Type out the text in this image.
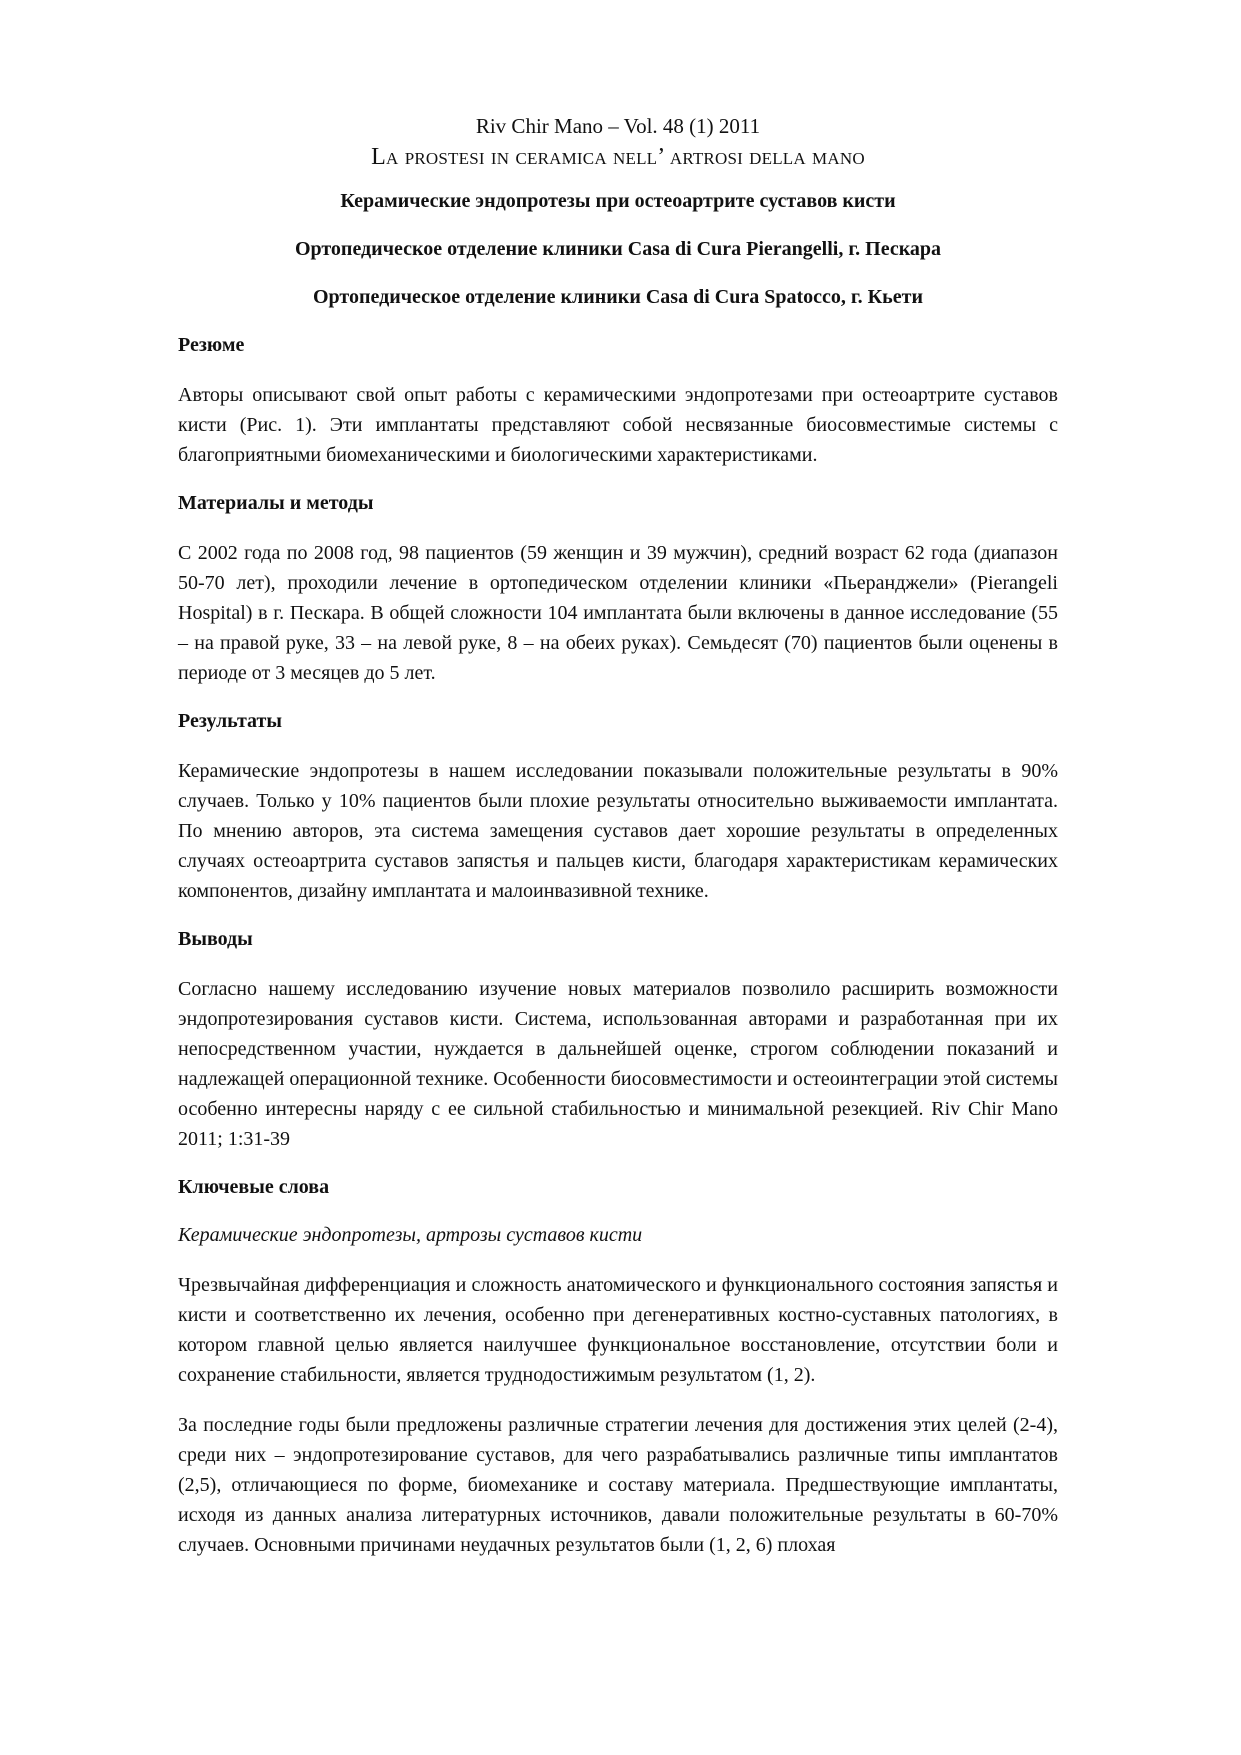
Riv Chir Mano – Vol. 48 (1) 2011

La prostesi in ceramica nell’ artrosi della mano

Керамические эндопротезы при остеоартрите суставов кисти

Ортопедическое отделение клиники Casa di Cura Pierangelli, г. Пескара

Ортопедическое отделение клиники Casa di Cura Spatocco, г. Кьети

Резюме

Авторы описывают свой опыт работы с керамическими эндопротезами при остеоартрите суставов кисти (Рис. 1). Эти имплантаты представляют собой несвязанные биосовместимые системы с благоприятными биомеханическими и биологическими характеристиками.

Материалы и методы

С 2002 года по 2008 год, 98 пациентов (59 женщин и 39 мужчин), средний возраст 62 года (диапазон 50-70 лет), проходили лечение в ортопедическом отделении клиники «Пьеранджели» (Pierangeli Hospital) в г. Пескара. В общей сложности 104 имплантата были включены в данное исследование (55 – на правой руке, 33 – на левой руке, 8 – на обеих руках). Семьдесят (70) пациентов были оценены в периоде от 3 месяцев до 5 лет.

Результаты

Керамические эндопротезы в нашем исследовании показывали положительные результаты в 90% случаев. Только у 10% пациентов были плохие результаты относительно выживаемости имплантата. По мнению авторов, эта система замещения суставов дает хорошие результаты в определенных случаях остеоартрита суставов запястья и пальцев кисти, благодаря характеристикам керамических компонентов, дизайну имплантата и малоинвазивной технике.

Выводы

Согласно нашему исследованию изучение новых материалов позволило расширить возможности эндопротезирования суставов кисти. Система, использованная авторами и разработанная при их непосредственном участии, нуждается в дальнейшей оценке, строгом соблюдении показаний и надлежащей операционной технике. Особенности биосовместимости и остеоинтеграции этой системы особенно интересны наряду с ее сильной стабильностью и минимальной резекцией. Riv Chir Mano 2011; 1:31-39

Ключевые слова

Керамические эндопротезы, артрозы суставов кисти

Чрезвычайная дифференциация и сложность анатомического и функционального состояния запястья и кисти и соответственно их лечения, особенно при дегенеративных костно-суставных патологиях, в котором главной целью является наилучшее функциональное восстановление, отсутствии боли и сохранение стабильности, является труднодостижимым результатом (1, 2).

За последние годы были предложены различные стратегии лечения для достижения этих целей (2-4), среди них – эндопротезирование суставов, для чего разрабатывались различные типы имплантатов (2,5), отличающиеся по форме, биомеханике и составу материала. Предшествующие имплантаты, исходя из данных анализа литературных источников, давали положительные результаты в 60-70% случаев. Основными причинами неудачных результатов были (1, 2, 6) плохая
